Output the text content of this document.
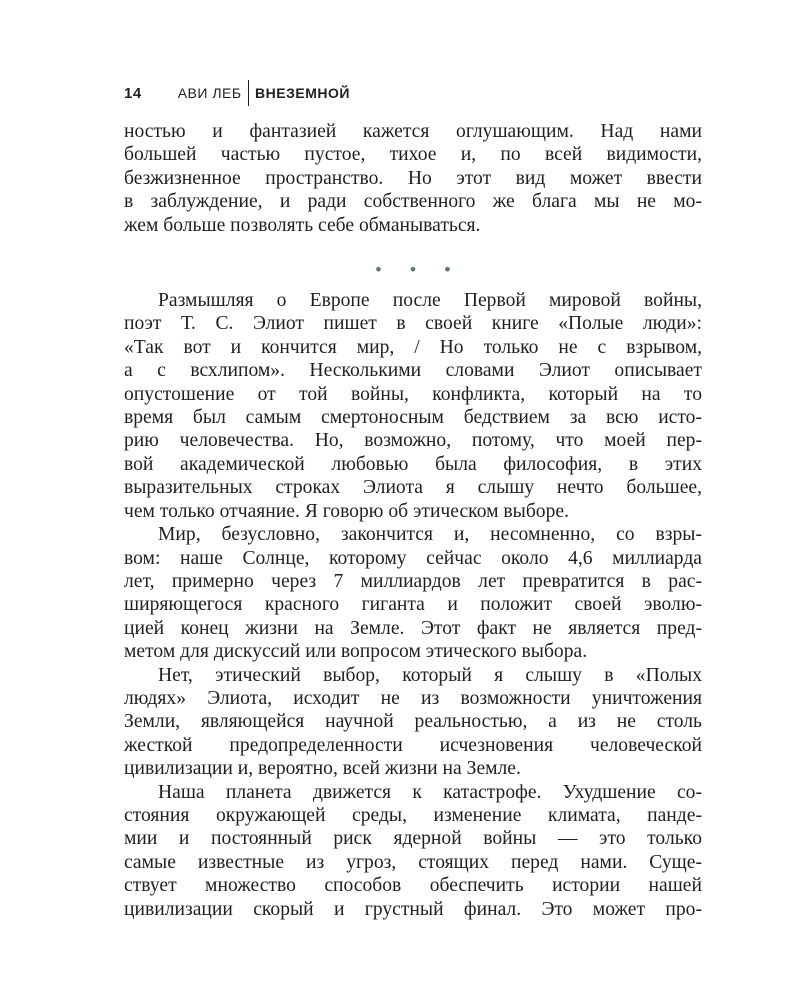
14	АВИ ЛЕБ ВНЕЗЕМНОЙ
ностью и фантазией кажется оглушающим. Над нами
большей частью пустое, тихое и, по всей видимости,
безжизненное пространство. Но этот вид может ввести
в заблуждение, и ради собственного же блага мы не мо-
жем больше позволять себе обманываться.
• • •
Размышляя о Европе после Первой мировой войны,
поэт Т. С. Элиот пишет в своей книге «Полые люди»:
«Так вот и кончится мир, / Но только не с взрывом,
а с всхлипом». Несколькими словами Элиот описывает
опустошение от той войны, конфликта, который на то
время был самым смертоносным бедствием за всю исто-
рию человечества. Но, возможно, потому, что моей пер-
вой академической любовью была философия, в этих
выразительных строках Элиота я слышу нечто большее,
чем только отчаяние. Я говорю об этическом выборе.
Мир, безусловно, закончится и, несомненно, со взры-
вом: наше Солнце, которому сейчас около 4,6 миллиарда
лет, примерно через 7 миллиардов лет превратится в рас-
ширяющегося красного гиганта и положит своей эволю-
цией конец жизни на Земле. Этот факт не является пред-
метом для дискуссий или вопросом этического выбора.
Нет, этический выбор, который я слышу в «Полых
людях» Элиота, исходит не из возможности уничтожения
Земли, являющейся научной реальностью, а из не столь
жесткой предопределенности исчезновения человеческой
цивилизации и, вероятно, всей жизни на Земле.
Наша планета движется к катастрофе. Ухудшение со-
стояния окружающей среды, изменение климата, панде-
мии и постоянный риск ядерной войны — это только
самые известные из угроз, стоящих перед нами. Суще-
ствует множество способов обеспечить истории нашей
цивилизации скорый и грустный финал. Это может про-
